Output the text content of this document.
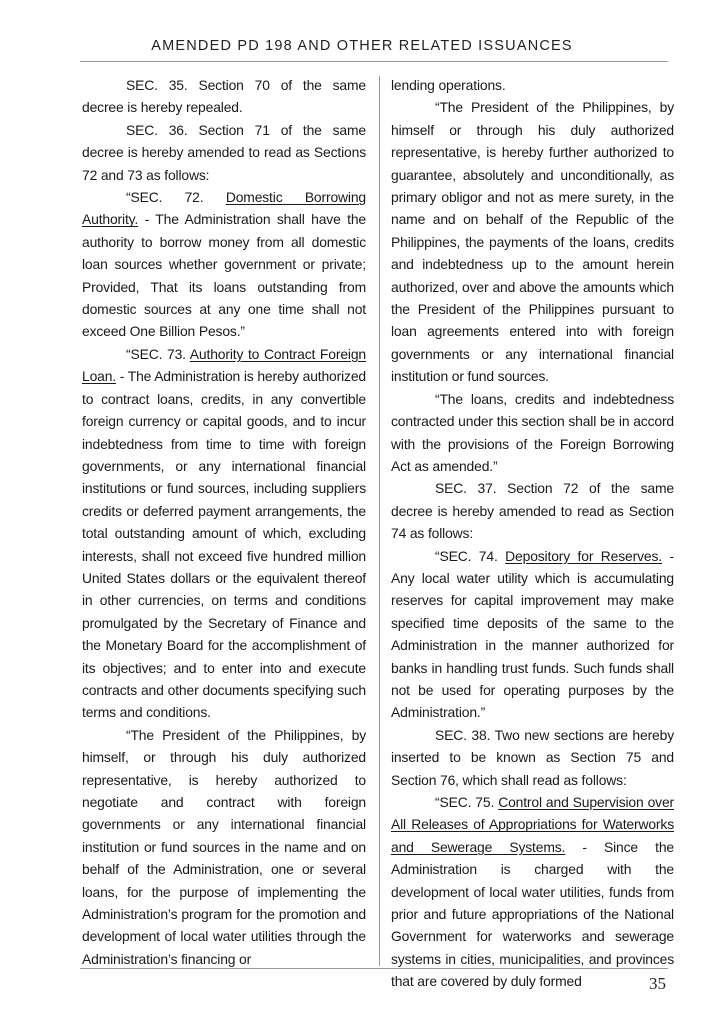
AMENDED PD 198 AND OTHER RELATED ISSUANCES

SEC. 35. Section 70 of the same decree is hereby repealed.

SEC. 36. Section 71 of the same decree is hereby amended to read as Sections 72 and 73 as follows:

“SEC. 72. Domestic Borrowing Authority. - The Administration shall have the authority to borrow money from all domestic loan sources whether government or private; Provided, That its loans outstanding from domestic sources at any one time shall not exceed One Billion Pesos.”

“SEC. 73. Authority to Contract Foreign Loan. - The Administration is hereby authorized to contract loans, credits, in any convertible foreign currency or capital goods, and to incur indebtedness from time to time with foreign governments, or any international financial institutions or fund sources, including suppliers credits or deferred payment arrangements, the total outstanding amount of which, excluding interests, shall not exceed five hundred million United States dollars or the equivalent thereof in other currencies, on terms and conditions promulgated by the Secretary of Finance and the Monetary Board for the accomplishment of its objectives; and to enter into and execute contracts and other documents specifying such terms and conditions.

“The President of the Philippines, by himself, or through his duly authorized representative, is hereby authorized to negotiate and contract with foreign governments or any international financial institution or fund sources in the name and on behalf of the Administration, one or several loans, for the purpose of implementing the Administration’s program for the promotion and development of local water utilities through the Administration’s financing or

lending operations.

“The President of the Philippines, by himself or through his duly authorized representative, is hereby further authorized to guarantee, absolutely and unconditionally, as primary obligor and not as mere surety, in the name and on behalf of the Republic of the Philippines, the payments of the loans, credits and indebtedness up to the amount herein authorized, over and above the amounts which the President of the Philippines pursuant to loan agreements entered into with foreign governments or any international financial institution or fund sources.

“The loans, credits and indebtedness contracted under this section shall be in accord with the provisions of the Foreign Borrowing Act as amended.”

SEC. 37. Section 72 of the same decree is hereby amended to read as Section 74 as follows:

“SEC. 74. Depository for Reserves. - Any local water utility which is accumulating reserves for capital improvement may make specified time deposits of the same to the Administration in the manner authorized for banks in handling trust funds. Such funds shall not be used for operating purposes by the Administration.”

SEC. 38. Two new sections are hereby inserted to be known as Section 75 and Section 76, which shall read as follows:

“SEC. 75. Control and Supervision over All Releases of Appropriations for Waterworks and Sewerage Systems. - Since the Administration is charged with the development of local water utilities, funds from prior and future appropriations of the National Government for waterworks and sewerage systems in cities, municipalities, and provinces that are covered by duly formed	35
